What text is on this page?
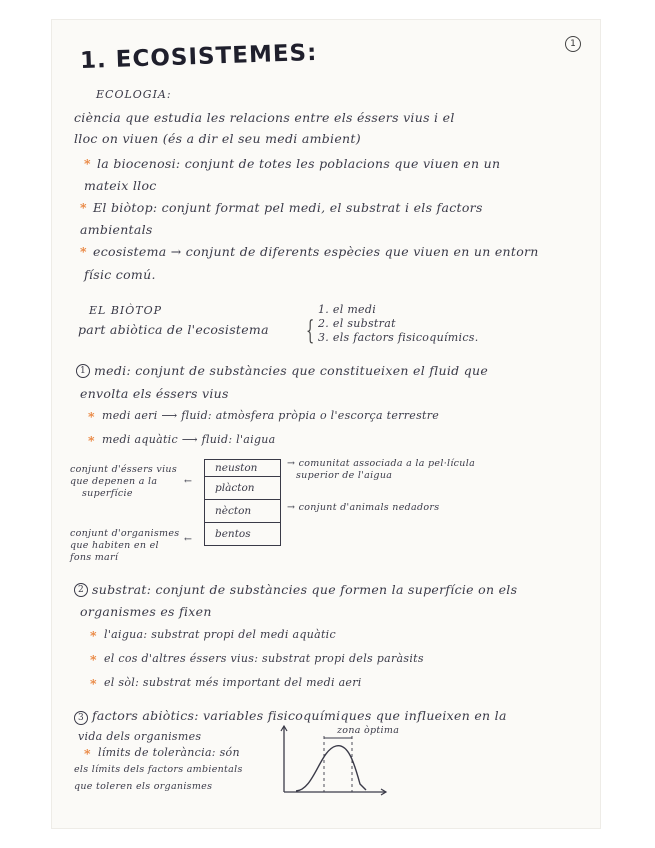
1
1. ECOSISTEMES:
ECOLOGIA:
ciència que estudia les relacions entre els éssers vius i el
lloc on viuen (és a dir el seu medi ambient)
* la biocenosi: conjunt de totes les poblacions que viuen en un
mateix lloc
* El biòtop: conjunt format pel medi, el substrat i els factors
ambientals
* ecosistema → conjunt de diferents espècies que viuen en un entorn
físic comú.
EL BIÒTOP
part abiòtica de l'ecosistema {
1. el medi
2. el substrat
3. els factors fisicoquímics.
1 medi: conjunt de substàncies que constitueixen el fluid que
envolta els éssers vius
* medi aeri ⟶ fluid: atmòsfera pròpia o l'escorça terrestre
* medi aquàtic ⟶ fluid: l'aigua
conjunt d'éssers vius
que depenen a la
superfície
←
neuston
plàcton
nècton
bentos
→ comunitat associada a la pel·lícula
superior de l'aigua
→ conjunt d'animals nedadors
conjunt d'organismes
que habiten en el
fons marí
←
2 substrat: conjunt de substàncies que formen la superfície on els
organismes es fixen
* l'aigua: substrat propi del medi aquàtic
* el cos d'altres éssers vius: substrat propi dels paràsits
* el sòl: substrat més important del medi aeri
3 factors abiòtics: variables fisicoquímiques que influeixen en la
vida dels organismes
* límits de tolerància: són
els límits dels factors ambientals
que toleren els organismes
zona òptima
